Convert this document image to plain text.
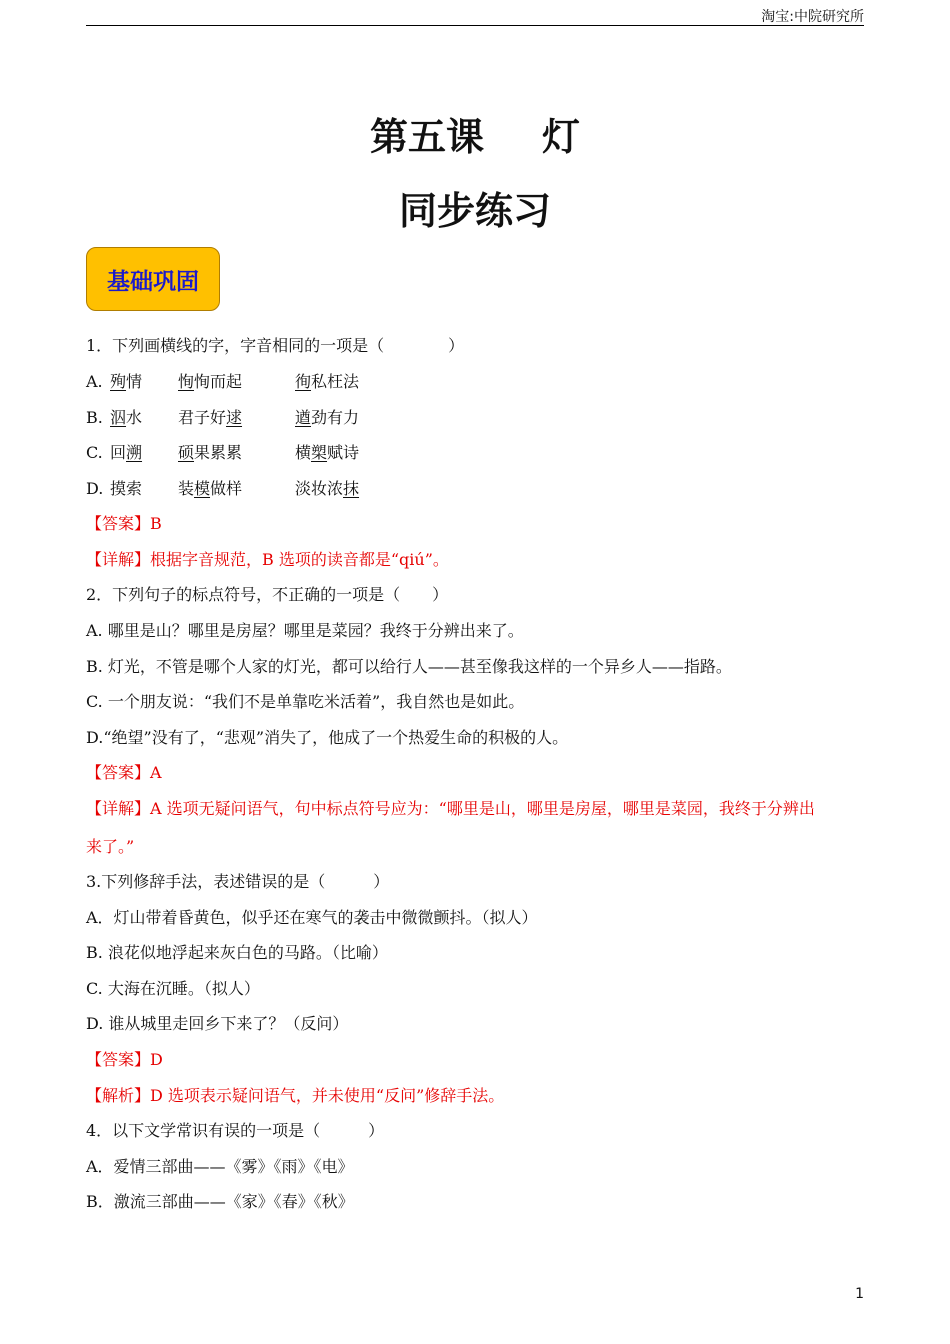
淘宝:中院研究所
第五课 灯
同步练习
基础巩固
1．下列画横线的字，字音相同的一项是（　　　　）
A. 殉情 恂恂而起	徇私枉法
B. 泅水 君子好逑	遒劲有力
C. 回溯 硕果累累	横槊赋诗
D. 摸索 装模做样	淡妆浓抹
【答案】B
【详解】根据字音规范，B 选项的读音都是“qiú”。
2．下列句子的标点符号，不正确的一项是（　　）
A. 哪里是山？哪里是房屋？哪里是菜园？我终于分辨出来了。
B. 灯光，不管是哪个人家的灯光，都可以给行人——甚至像我这样的一个异乡人——指路。
C. 一个朋友说：“我们不是单靠吃米活着”，我自然也是如此。
D.“绝望”没有了，“悲观”消失了，他成了一个热爱生命的积极的人。
【答案】A
【详解】A 选项无疑问语气，句中标点符号应为：“哪里是山，哪里是房屋，哪里是菜园，我终于分辨出
来了。”
3.下列修辞手法，表述错误的是（　　　）
A．灯山带着昏黄色，似乎还在寒气的袭击中微微颤抖。（拟人）
B. 浪花似地浮起来灰白色的马路。（比喻）
C. 大海在沉睡。（拟人）
D. 谁从城里走回乡下来了？（反问）
【答案】D
【解析】D 选项表示疑问语气，并未使用“反问”修辞手法。
4．以下文学常识有误的一项是（　　　）
A．爱情三部曲——《雾》《雨》《电》
B．激流三部曲——《家》《春》《秋》
1
